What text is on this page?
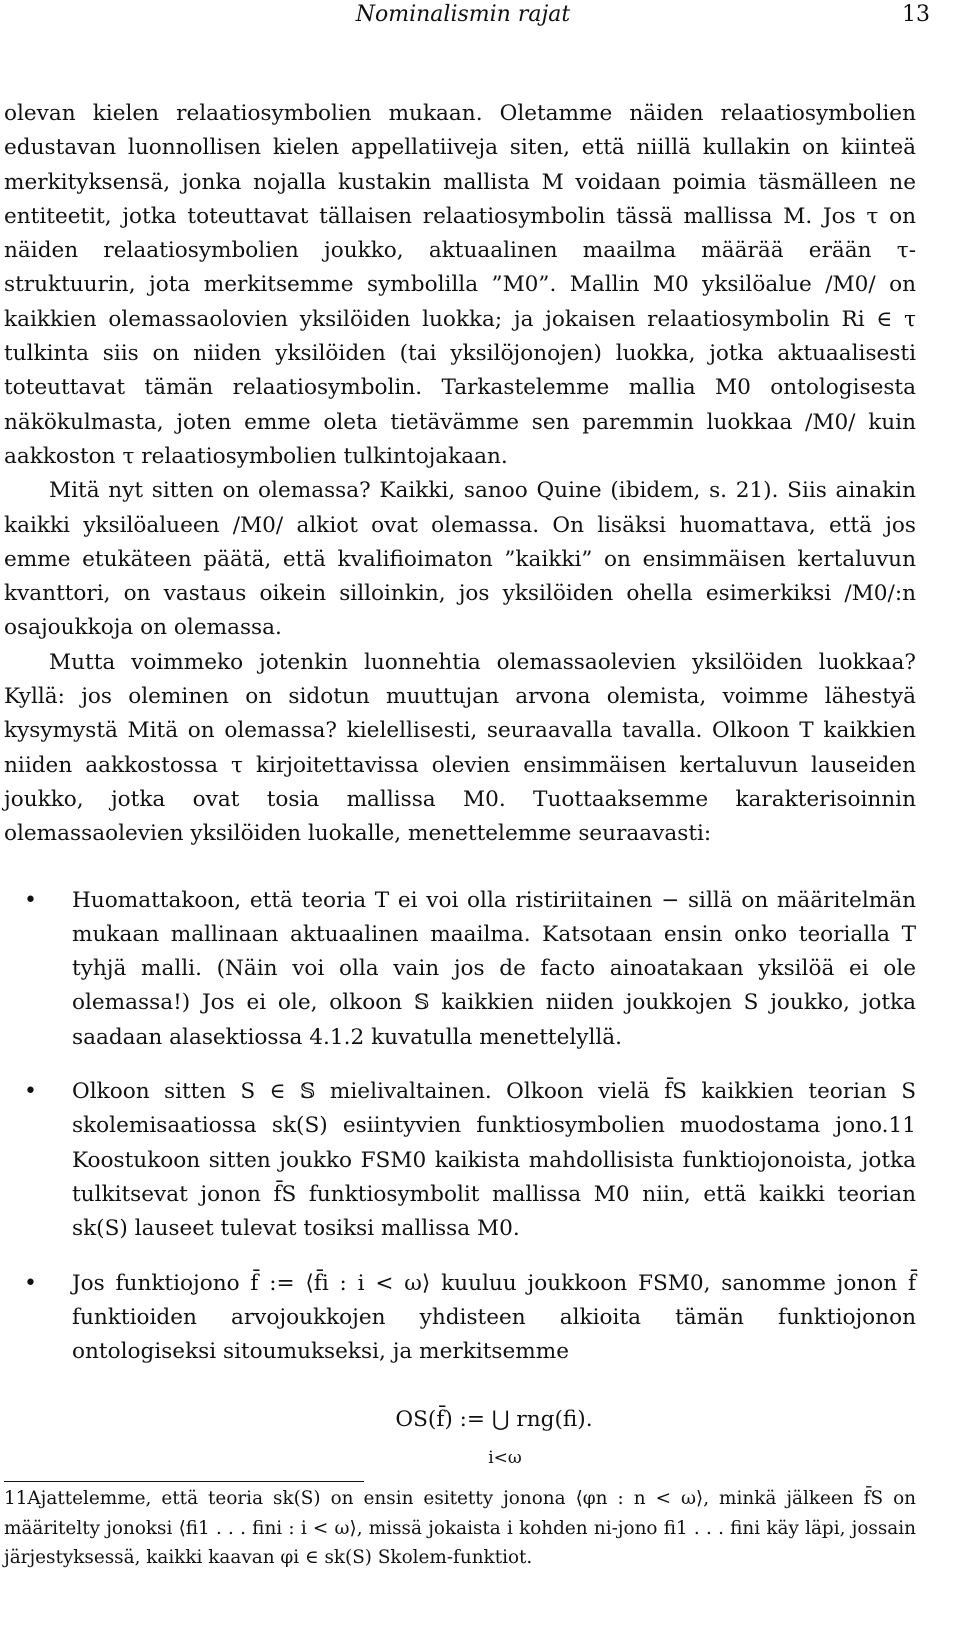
Nominalismin rajat	13

olevan kielen relaatiosymbolien mukaan. Oletamme näiden relaatiosymbolien edustavan luonnollisen kielen appellatiiveja siten, että niillä kullakin on kiinteä merkityksensä, jonka nojalla kustakin mallista M voidaan poimia täsmälleen ne entiteetit, jotka toteuttavat tällaisen relaatiosymbolin tässä mallissa M. Jos τ on näiden relaatiosymbolien joukko, aktuaalinen maailma määrää erään τ-struktuurin, jota merkitsemme symbolilla ”M0”. Mallin M0 yksilöalue /M0/ on kaikkien olemassaolovien yksilöiden luokka; ja jokaisen relaatiosymbolin Ri ∈ τ tulkinta siis on niiden yksilöiden (tai yksilöjonojen) luokka, jotka aktuaalisesti toteuttavat tämän relaatiosymbolin. Tarkastelemme mallia M0 ontologisesta näkökulmasta, joten emme oleta tietävämme sen paremmin luokkaa /M0/ kuin aakkoston τ relaatiosymbolien tulkintojakaan.

Mitä nyt sitten on olemassa? Kaikki, sanoo Quine (ibidem, s. 21). Siis ainakin kaikki yksilöalueen /M0/ alkiot ovat olemassa. On lisäksi huomattava, että jos emme etukäteen päätä, että kvalifioimaton ”kaikki” on ensimmäisen kertaluvun kvanttori, on vastaus oikein silloinkin, jos yksilöiden ohella esimerkiksi /M0/:n osajoukkoja on olemassa.

Mutta voimmeko jotenkin luonnehtia olemassaolevien yksilöiden luokkaa? Kyllä: jos oleminen on sidotun muuttujan arvona olemista, voimme lähestyä kysymystä Mitä on olemassa? kielellisesti, seuraavalla tavalla. Olkoon T kaikkien niiden aakkostossa τ kirjoitettavissa olevien ensimmäisen kertaluvun lauseiden joukko, jotka ovat tosia mallissa M0. Tuottaaksemme karakterisoinnin olemassaolevien yksilöiden luokalle, menettelemme seuraavasti:

• Huomattakoon, että teoria T ei voi olla ristiriitainen − sillä on määritelmän mukaan mallinaan aktuaalinen maailma. Katsotaan ensin onko teorialla T tyhjä malli. (Näin voi olla vain jos de facto ainoatakaan yksilöä ei ole olemassa!) Jos ei ole, olkoon 𝕊 kaikkien niiden joukkojen S joukko, jotka saadaan alasektiossa 4.1.2 kuvatulla menettelyllä.
• Olkoon sitten S ∈ 𝕊 mielivaltainen. Olkoon vielä f̄S kaikkien teorian S skolemisaatiossa sk(S) esiintyvien funktiosymbolien muodostama jono.11 Koostukoon sitten joukko FSM0 kaikista mahdollisista funktiojonoista, jotka tulkitsevat jonon f̄S funktiosymbolit mallissa M0 niin, että kaikki teorian sk(S) lauseet tulevat tosiksi mallissa M0.
• Jos funktiojono f̄ := ⟨f̄i : i < ω⟩ kuuluu joukkoon FSM0, sanomme jonon f̄ funktioiden arvojoukkojen yhdisteen alkioita tämän funktiojonon ontologiseksi sitoumukseksi, ja merkitsemme
OS(f̄) := ⋃ rng(fi).
i<ω
11Ajattelemme, että teoria sk(S) on ensin esitetty jonona ⟨φn : n < ω⟩, minkä jälkeen f̄S on määritelty jonoksi ⟨fi1 . . . fini : i < ω⟩, missä jokaista i kohden ni-jono fi1 . . . fini käy läpi, jossain järjestyksessä, kaikki kaavan φi ∈ sk(S) Skolem-funktiot.
